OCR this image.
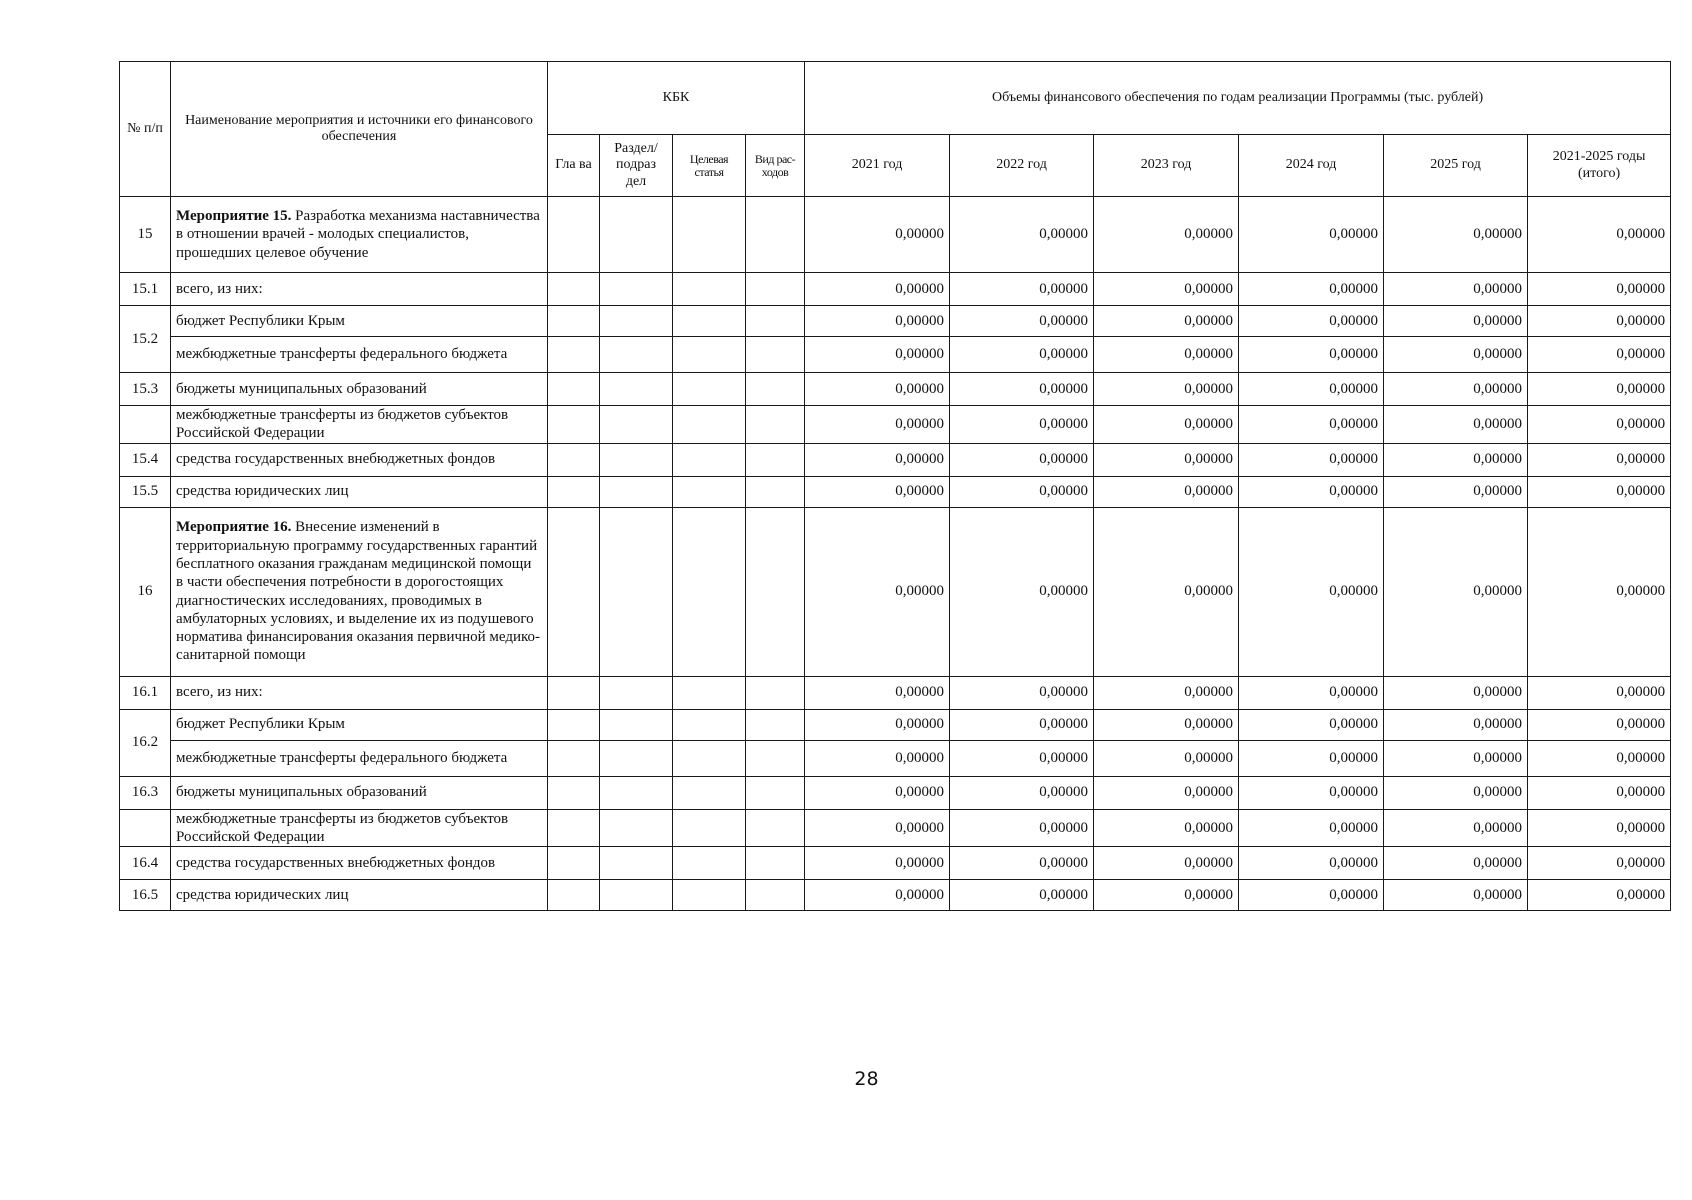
№ п/п	Наименование мероприятия и источники его финансового обеспечения	КБК				Объемы финансового обеспечения по годам реализации Программы (тыс. рублей)					
		Гла ва	Раздел/ подраз дел	Целевая статья	Вид рас- ходов	2021 год	2022 год	2023 год	2024 год	2025 год	2021-2025 годы (итого)
15	Мероприятие 15. Разработка механизма наставничества в отношении врачей - молодых специалистов, прошедших целевое обучение					0,00000	0,00000	0,00000	0,00000	0,00000	0,00000
15.1	всего, из них:					0,00000	0,00000	0,00000	0,00000	0,00000	0,00000
15.2	бюджет Республики Крым					0,00000	0,00000	0,00000	0,00000	0,00000	0,00000
	межбюджетные трансферты федерального бюджета					0,00000	0,00000	0,00000	0,00000	0,00000	0,00000
15.3	бюджеты муниципальных образований					0,00000	0,00000	0,00000	0,00000	0,00000	0,00000
	межбюджетные трансферты из бюджетов субъектов Российской Федерации					0,00000	0,00000	0,00000	0,00000	0,00000	0,00000
15.4	средства государственных внебюджетных фондов					0,00000	0,00000	0,00000	0,00000	0,00000	0,00000
15.5	средства юридических лиц					0,00000	0,00000	0,00000	0,00000	0,00000	0,00000
16	Мероприятие 16. Внесение изменений в территориальную программу государственных гарантий бесплатного оказания гражданам медицинской помощи в части обеспечения потребности в дорогостоящих диагностических исследованиях, проводимых в амбулаторных условиях, и выделение их из подушевого норматива финансирования оказания первичной медико-санитарной помощи					0,00000	0,00000	0,00000	0,00000	0,00000	0,00000
16.1	всего, из них:					0,00000	0,00000	0,00000	0,00000	0,00000	0,00000
16.2	бюджет Республики Крым					0,00000	0,00000	0,00000	0,00000	0,00000	0,00000
	межбюджетные трансферты федерального бюджета					0,00000	0,00000	0,00000	0,00000	0,00000	0,00000
16.3	бюджеты муниципальных образований					0,00000	0,00000	0,00000	0,00000	0,00000	0,00000
	межбюджетные трансферты из бюджетов субъектов Российской Федерации					0,00000	0,00000	0,00000	0,00000	0,00000	0,00000
16.4	средства государственных внебюджетных фондов					0,00000	0,00000	0,00000	0,00000	0,00000	0,00000
16.5	средства юридических лиц					0,00000	0,00000	0,00000	0,00000	0,00000	0,00000
28
